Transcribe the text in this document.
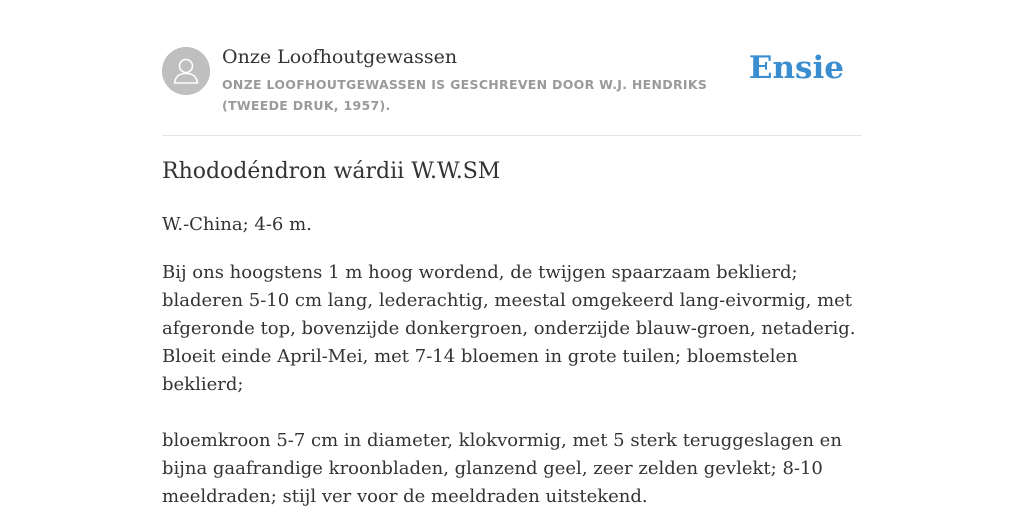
Onze Loofhoutgewassen
ONZE LOOFHOUTGEWASSEN IS GESCHREVEN DOOR W.J. HENDRIKS (TWEEDE DRUK, 1957).
Ensie
Rhododéndron wárdii W.W.SM
W.-China; 4-6 m.

Bij ons hoogstens 1 m hoog wordend, de twijgen spaarzaam beklierd; bladeren 5-10 cm lang, lederachtig, meestal omgekeerd lang-eivormig, met afgeronde top, bovenzijde donkergroen, onderzijde blauw-groen, netaderig. Bloeit einde April-Mei, met 7-14 bloemen in grote tuilen; bloemstelen beklierd;

bloemkroon 5-7 cm in diameter, klokvormig, met 5 sterk teruggeslagen en bijna gaafrandige kroonbladen, glanzend geel, zeer zelden gevlekt; 8-10 meeldraden; stijl ver voor de meeldraden uitstekend.
